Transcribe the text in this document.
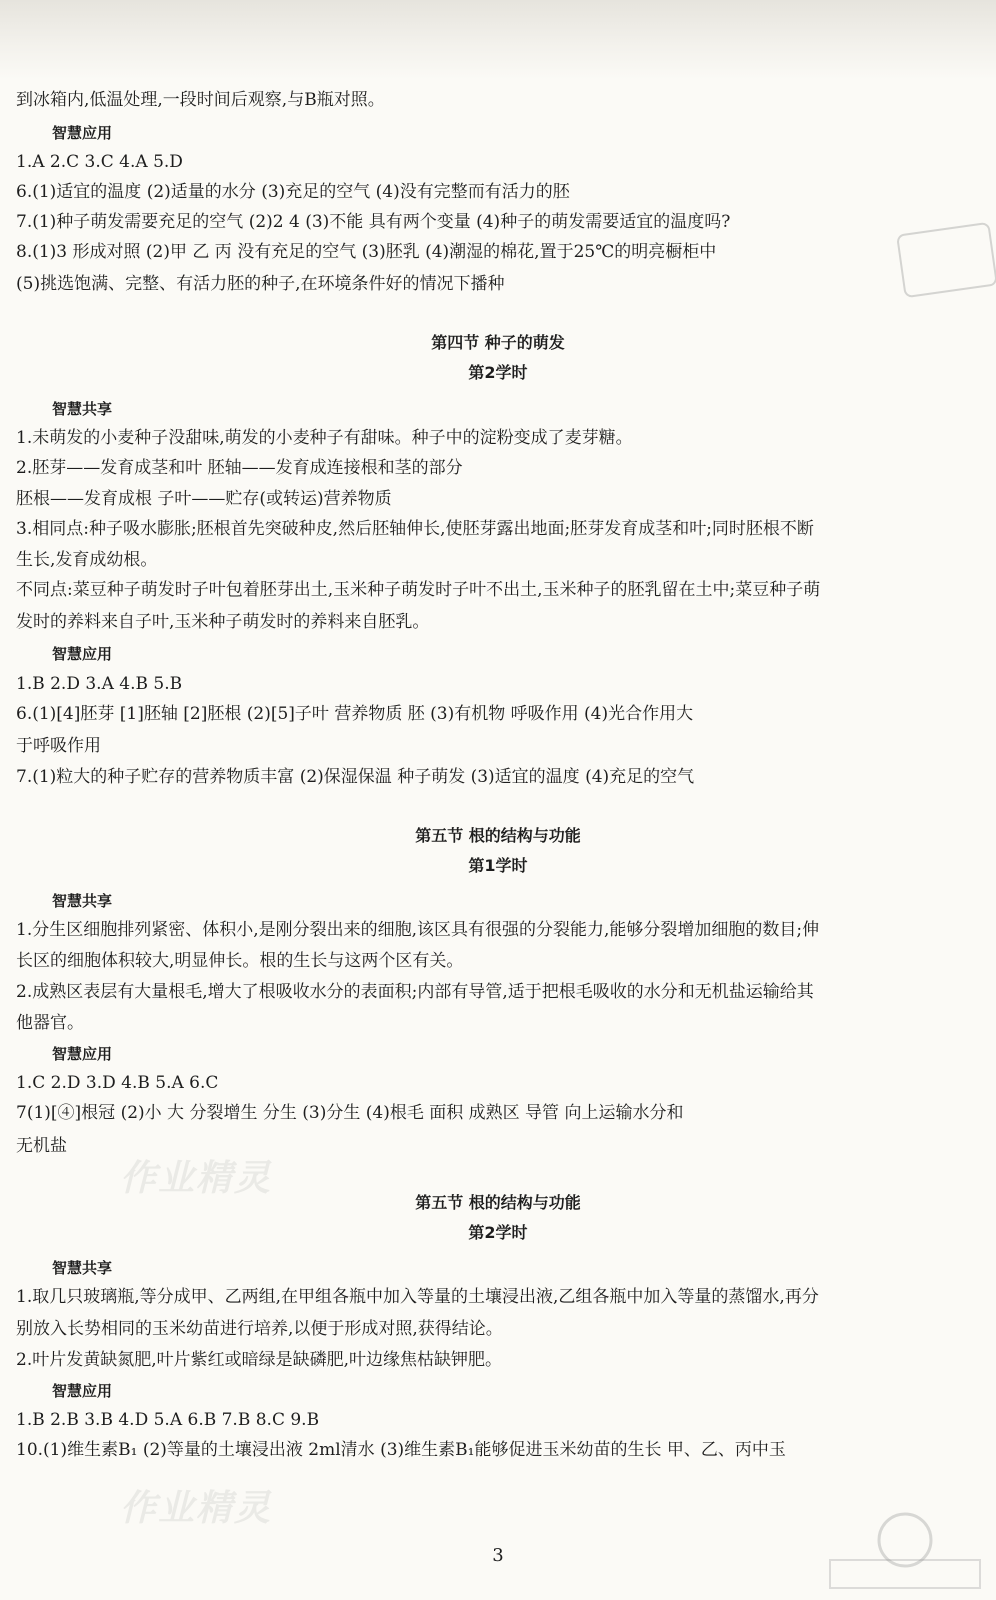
到冰箱内,低温处理,一段时间后观察,与B瓶对照。
智慧应用
1.A 2.C 3.C 4.A 5.D
6.(1)适宜的温度 (2)适量的水分 (3)充足的空气 (4)没有完整而有活力的胚
7.(1)种子萌发需要充足的空气 (2)2 4 (3)不能 具有两个变量 (4)种子的萌发需要适宜的温度吗?
8.(1)3 形成对照 (2)甲 乙 丙 没有充足的空气 (3)胚乳 (4)潮湿的棉花,置于25℃的明亮橱柜中
(5)挑选饱满、完整、有活力胚的种子,在环境条件好的情况下播种
第四节 种子的萌发
第2学时
智慧共享
1.未萌发的小麦种子没甜味,萌发的小麦种子有甜味。种子中的淀粉变成了麦芽糖。
2.胚芽——发育成茎和叶 胚轴——发育成连接根和茎的部分
胚根——发育成根 子叶——贮存(或转运)营养物质
3.相同点:种子吸水膨胀;胚根首先突破种皮,然后胚轴伸长,使胚芽露出地面;胚芽发育成茎和叶;同时胚根不断
生长,发育成幼根。
不同点:菜豆种子萌发时子叶包着胚芽出土,玉米种子萌发时子叶不出土,玉米种子的胚乳留在土中;菜豆种子萌
发时的养料来自子叶,玉米种子萌发时的养料来自胚乳。
智慧应用
1.B 2.D 3.A 4.B 5.B
6.(1)[4]胚芽 [1]胚轴 [2]胚根 (2)[5]子叶 营养物质 胚 (3)有机物 呼吸作用 (4)光合作用大
于呼吸作用
7.(1)粒大的种子贮存的营养物质丰富 (2)保湿保温 种子萌发 (3)适宜的温度 (4)充足的空气
第五节 根的结构与功能
第1学时
智慧共享
1.分生区细胞排列紧密、体积小,是刚分裂出来的细胞,该区具有很强的分裂能力,能够分裂增加细胞的数目;伸
长区的细胞体积较大,明显伸长。根的生长与这两个区有关。
2.成熟区表层有大量根毛,增大了根吸收水分的表面积;内部有导管,适于把根毛吸收的水分和无机盐运输给其
他器官。
智慧应用
1.C 2.D 3.D 4.B 5.A 6.C
7(1)[④]根冠 (2)小 大 分裂增生 分生 (3)分生 (4)根毛 面积 成熟区 导管 向上运输水分和
无机盐
第五节 根的结构与功能
第2学时
智慧共享
1.取几只玻璃瓶,等分成甲、乙两组,在甲组各瓶中加入等量的土壤浸出液,乙组各瓶中加入等量的蒸馏水,再分
别放入长势相同的玉米幼苗进行培养,以便于形成对照,获得结论。
2.叶片发黄缺氮肥,叶片紫红或暗绿是缺磷肥,叶边缘焦枯缺钾肥。
智慧应用
1.B 2.B 3.B 4.D 5.A 6.B 7.B 8.C 9.B
10.(1)维生素B₁ (2)等量的土壤浸出液 2ml清水 (3)维生素B₁能够促进玉米幼苗的生长 甲、乙、丙中玉
作业精灵
作业精灵
3
